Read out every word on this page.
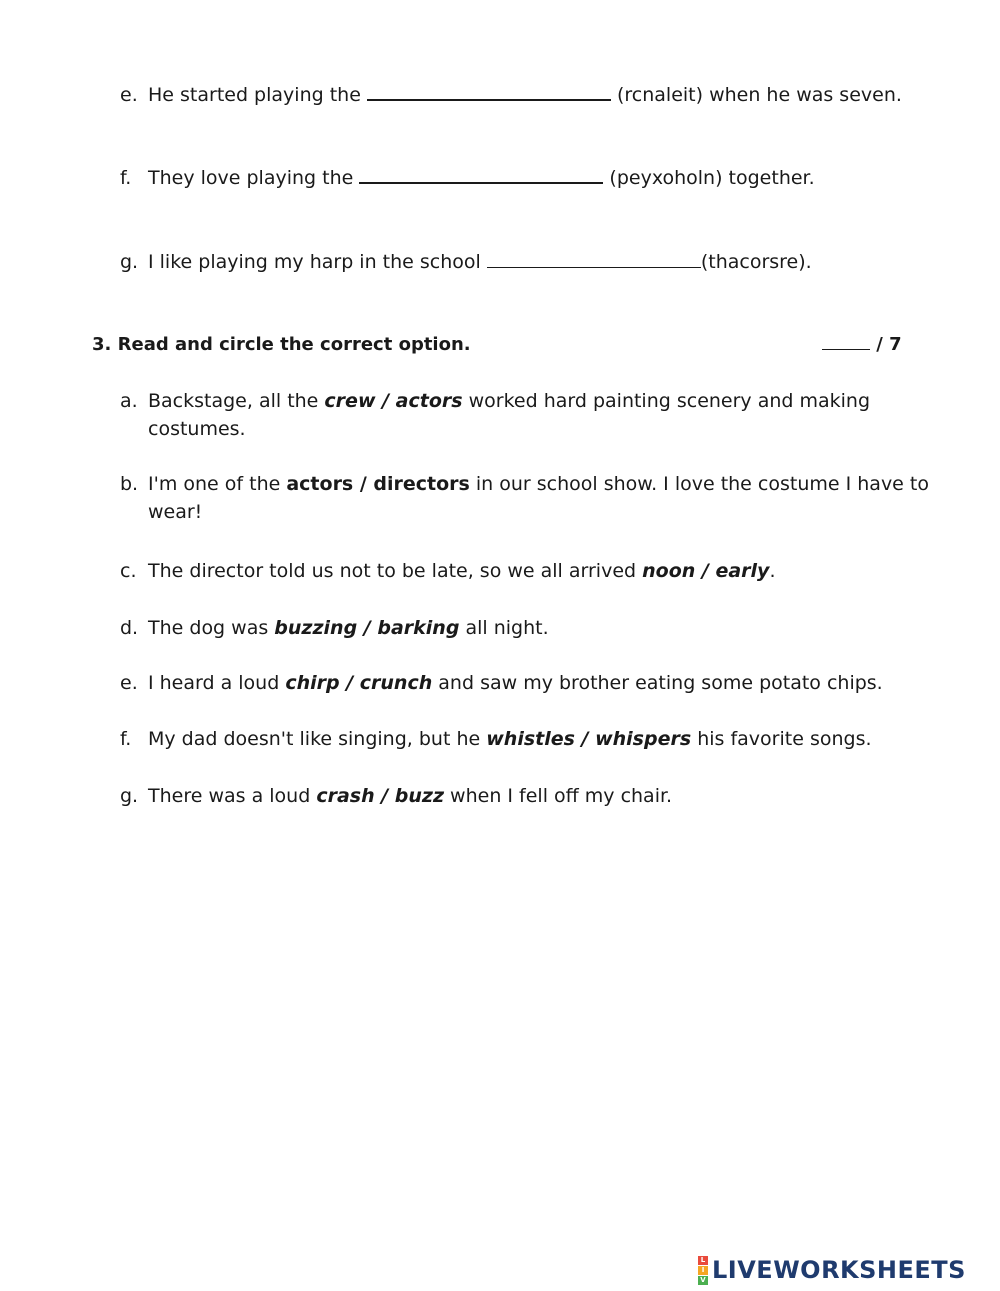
e. He started playing the	(rcnaleit) when he was seven.
f. They love playing the	(peyxoholn) together.
g. I like playing my harp in the school	(thacorsre).
3. Read and circle the correct option.	/ 7
a. Backstage, all the crew / actors worked hard painting scenery and making
costumes.
b. I'm one of the actors / directors in our school show. I love the costume I have to
wear!
c. The director told us not to be late, so we all arrived noon / early.
d. The dog was buzzing / barking all night.
e. I heard a loud chirp / crunch and saw my brother eating some potato chips.
f. My dad doesn't like singing, but he whistles / whispers his favorite songs.
g. There was a loud crash / buzz when I fell off my chair.
L
I
V LIVEWORKSHEETS
